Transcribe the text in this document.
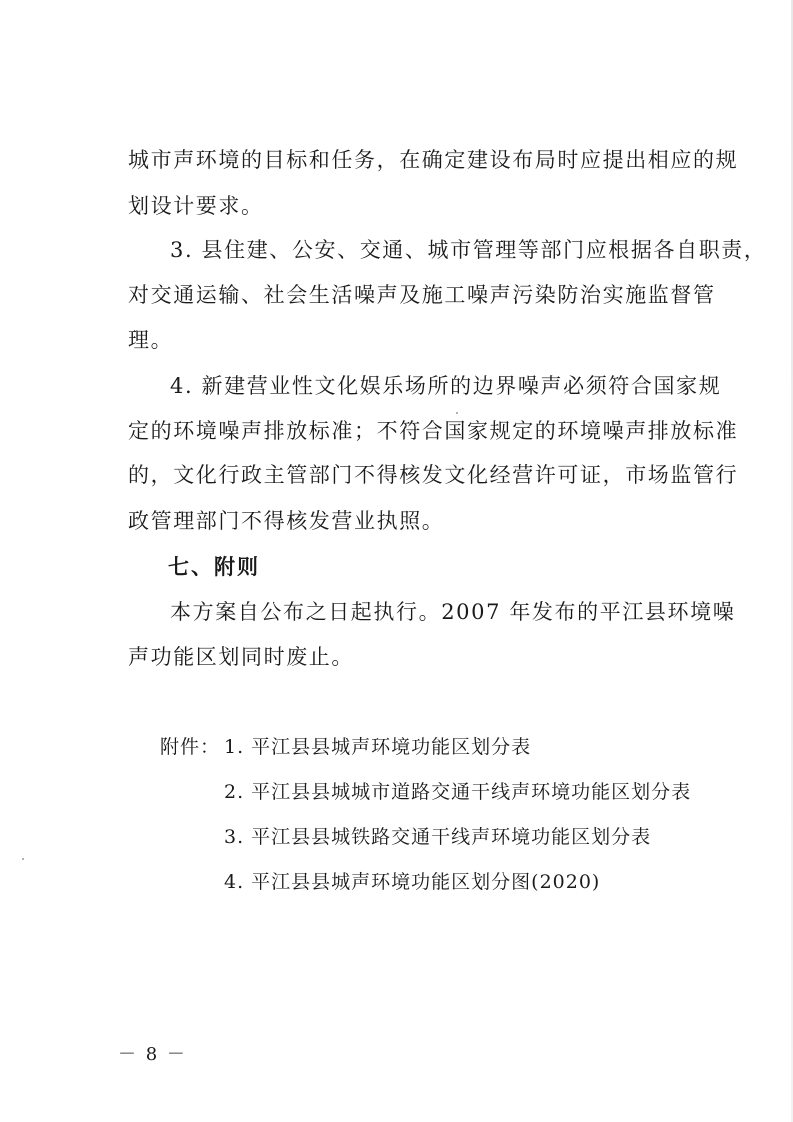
城市声环境的目标和任务，在确定建设布局时应提出相应的规
划设计要求。
3. 县住建、公安、交通、城市管理等部门应根据各自职责，
对交通运输、社会生活噪声及施工噪声污染防治实施监督管
理。
4. 新建营业性文化娱乐场所的边界噪声必须符合国家规
定的环境噪声排放标准；不符合国家规定的环境噪声排放标准
的，文化行政主管部门不得核发文化经营许可证，市场监管行
政管理部门不得核发营业执照。
七、附则
本方案自公布之日起执行。2007 年发布的平江县环境噪
声功能区划同时废止。
附件： 1. 平江县县城声环境功能区划分表
2. 平江县县城城市道路交通干线声环境功能区划分表
3. 平江县县城铁路交通干线声环境功能区划分表
4. 平江县县城声环境功能区划分图(2020)
－ 8 －
